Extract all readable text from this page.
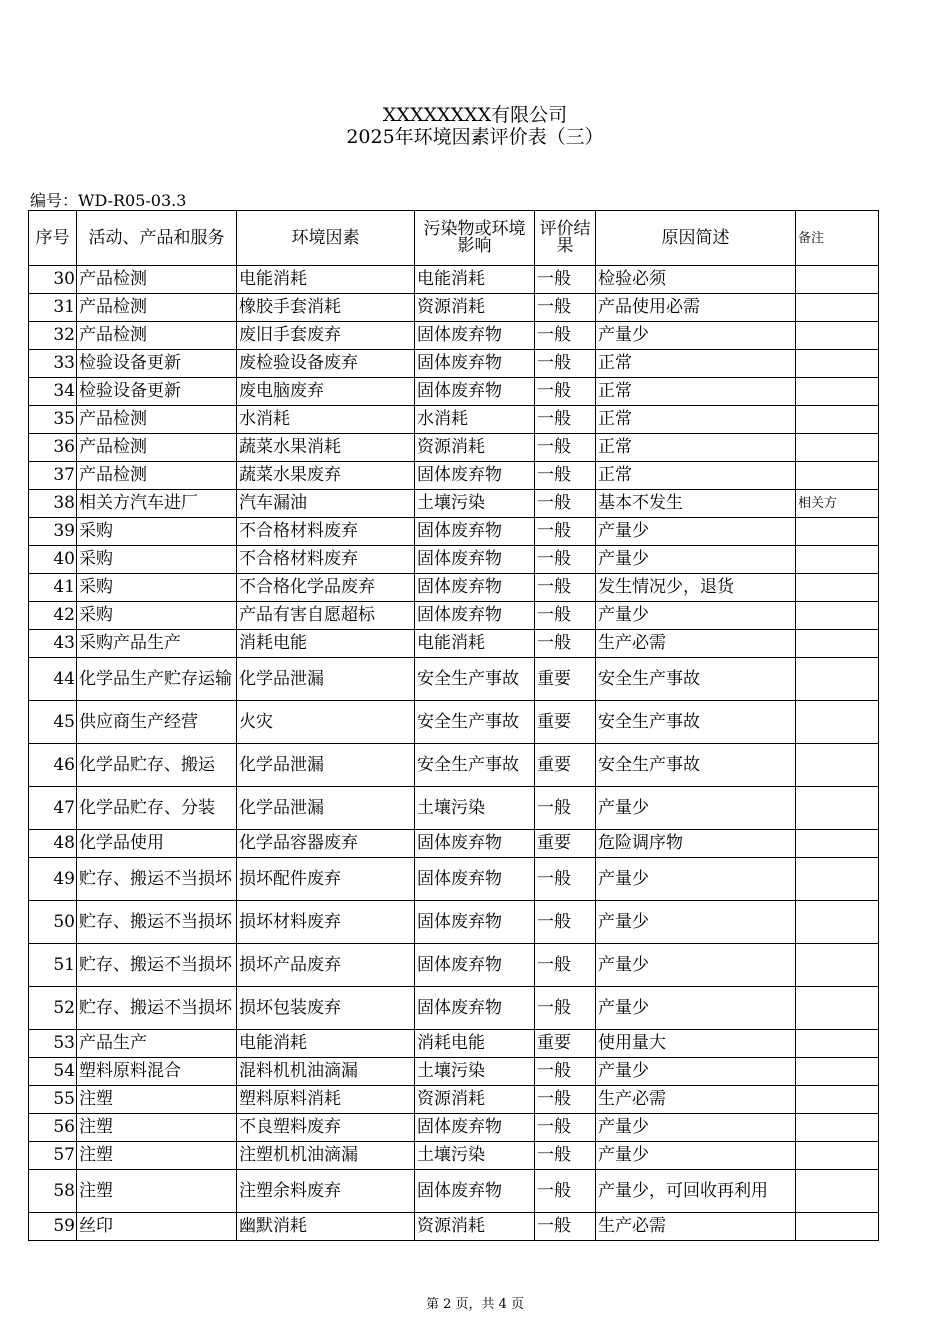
XXXXXXXX有限公司
2025年环境因素评价表（三）
编号：WD-R05-03.3
序号	活动、产品和服务	环境因素	污染物或环境影响	评价结果	原因简述	备注
30	产品检测	电能消耗	电能消耗	一般	检验必须	
31	产品检测	橡胶手套消耗	资源消耗	一般	产品使用必需	
32	产品检测	废旧手套废弃	固体废弃物	一般	产量少	
33	检验设备更新	废检验设备废弃	固体废弃物	一般	正常	
34	检验设备更新	废电脑废弃	固体废弃物	一般	正常	
35	产品检测	水消耗	水消耗	一般	正常	
36	产品检测	蔬菜水果消耗	资源消耗	一般	正常	
37	产品检测	蔬菜水果废弃	固体废弃物	一般	正常	
38	相关方汽车进厂	汽车漏油	土壤污染	一般	基本不发生	相关方
39	采购	不合格材料废弃	固体废弃物	一般	产量少	
40	采购	不合格材料废弃	固体废弃物	一般	产量少	
41	采购	不合格化学品废弃	固体废弃物	一般	发生情况少，退货	
42	采购	产品有害自愿超标	固体废弃物	一般	产量少	
43	采购产品生产	消耗电能	电能消耗	一般	生产必需	
44	化学品生产贮存运输	化学品泄漏	安全生产事故	重要	安全生产事故	
45	供应商生产经营	火灾	安全生产事故	重要	安全生产事故	
46	化学品贮存、搬运	化学品泄漏	安全生产事故	重要	安全生产事故	
47	化学品贮存、分装	化学品泄漏	土壤污染	一般	产量少	
48	化学品使用	化学品容器废弃	固体废弃物	重要	危险调序物	
49	贮存、搬运不当损坏	损坏配件废弃	固体废弃物	一般	产量少	
50	贮存、搬运不当损坏	损坏材料废弃	固体废弃物	一般	产量少	
51	贮存、搬运不当损坏	损坏产品废弃	固体废弃物	一般	产量少	
52	贮存、搬运不当损坏	损坏包装废弃	固体废弃物	一般	产量少	
53	产品生产	电能消耗	消耗电能	重要	使用量大	
54	塑料原料混合	混料机机油滴漏	土壤污染	一般	产量少	
55	注塑	塑料原料消耗	资源消耗	一般	生产必需	
56	注塑	不良塑料废弃	固体废弃物	一般	产量少	
57	注塑	注塑机机油滴漏	土壤污染	一般	产量少	
58	注塑	注塑余料废弃	固体废弃物	一般	产量少，可回收再利用	
59	丝印	幽默消耗	资源消耗	一般	生产必需	
第 2 页，共 4 页
